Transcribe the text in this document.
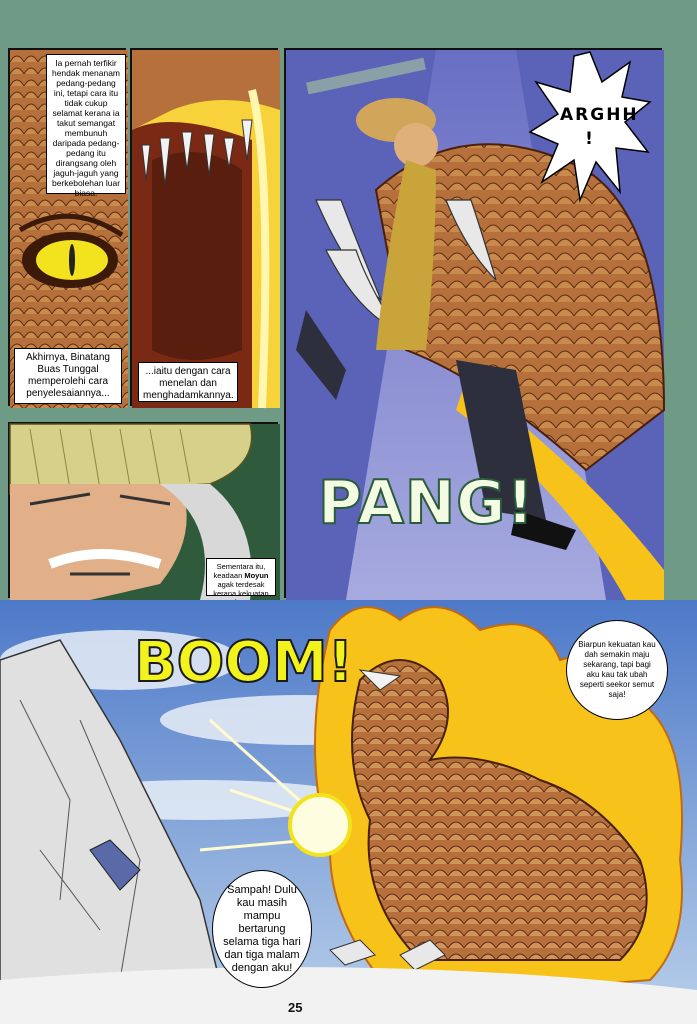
Ia pernah terfikir hendak menanam pedang-pedang ini, tetapi cara itu tidak cukup selamat kerana ia takut semangat membunuh daripada pedang-pedang itu dirangsang oleh jaguh-jaguh yang berkebolehan luar biasa.
Akhirnya, Binatang Buas Tunggal memperolehi cara penyelesaiannya...
...iaitu dengan cara menelan dan menghadamkannya.
ARGHH !
PANG!
Sementara itu, keadaan Moyun agak terdesak kerana kekuatan
BOOM!	Biarpun kekuatan kau dah semakin maju sekarang, tapi bagi aku kau tak ubah seperti seekor semut saja!
Sampah! Dulu kau masih mampu bertarung selama tiga hari dan tiga malam dengan aku!
25
